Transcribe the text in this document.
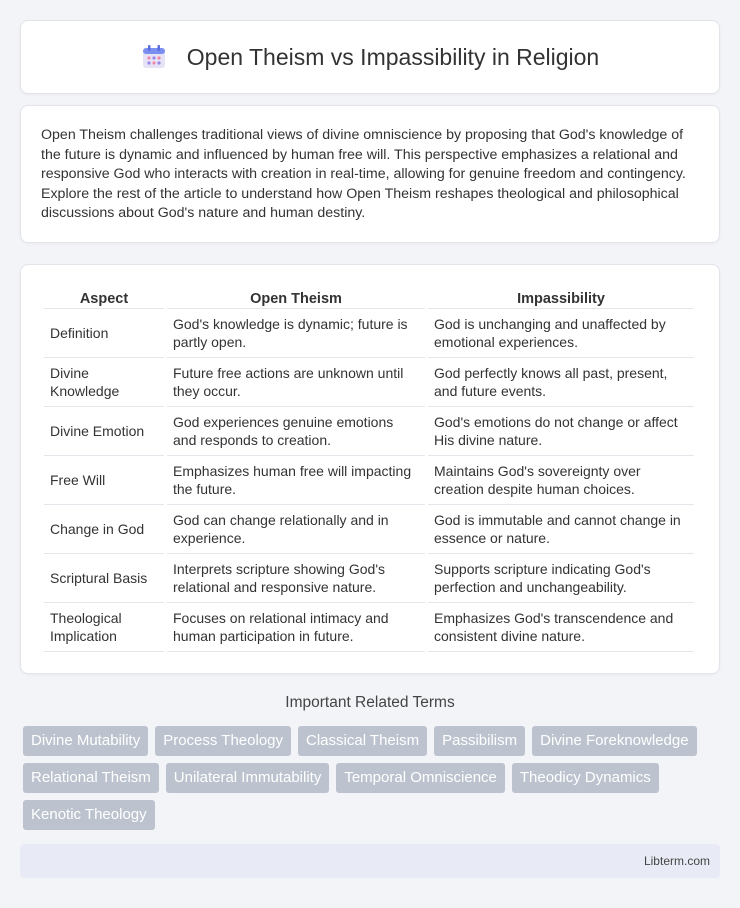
Open Theism vs Impassibility in Religion

Open Theism challenges traditional views of divine omniscience by proposing that God's knowledge of the future is dynamic and influenced by human free will. This perspective emphasizes a relational and responsive God who interacts with creation in real-time, allowing for genuine freedom and contingency. Explore the rest of the article to understand how Open Theism reshapes theological and philosophical discussions about God's nature and human destiny.

Aspect	Open Theism	Impassibility
Definition	God's knowledge is dynamic; future is partly open.	God is unchanging and unaffected by emotional experiences.
Divine Knowledge	Future free actions are unknown until they occur.	God perfectly knows all past, present, and future events.
Divine Emotion	God experiences genuine emotions and responds to creation.	God's emotions do not change or affect His divine nature.
Free Will	Emphasizes human free will impacting the future.	Maintains God's sovereignty over creation despite human choices.
Change in God	God can change relationally and in experience.	God is immutable and cannot change in essence or nature.
Scriptural Basis	Interprets scripture showing God's relational and responsive nature.	Supports scripture indicating God's perfection and unchangeability.
Theological Implication	Focuses on relational intimacy and human participation in future.	Emphasizes God's transcendence and consistent divine nature.
Important Related Terms
Divine Mutability	Process Theology	Classical Theism	Passibilism	Divine Foreknowledge
Relational Theism	Unilateral Immutability	Temporal Omniscience	Theodicy Dynamics
Kenotic Theology
Libterm.com
